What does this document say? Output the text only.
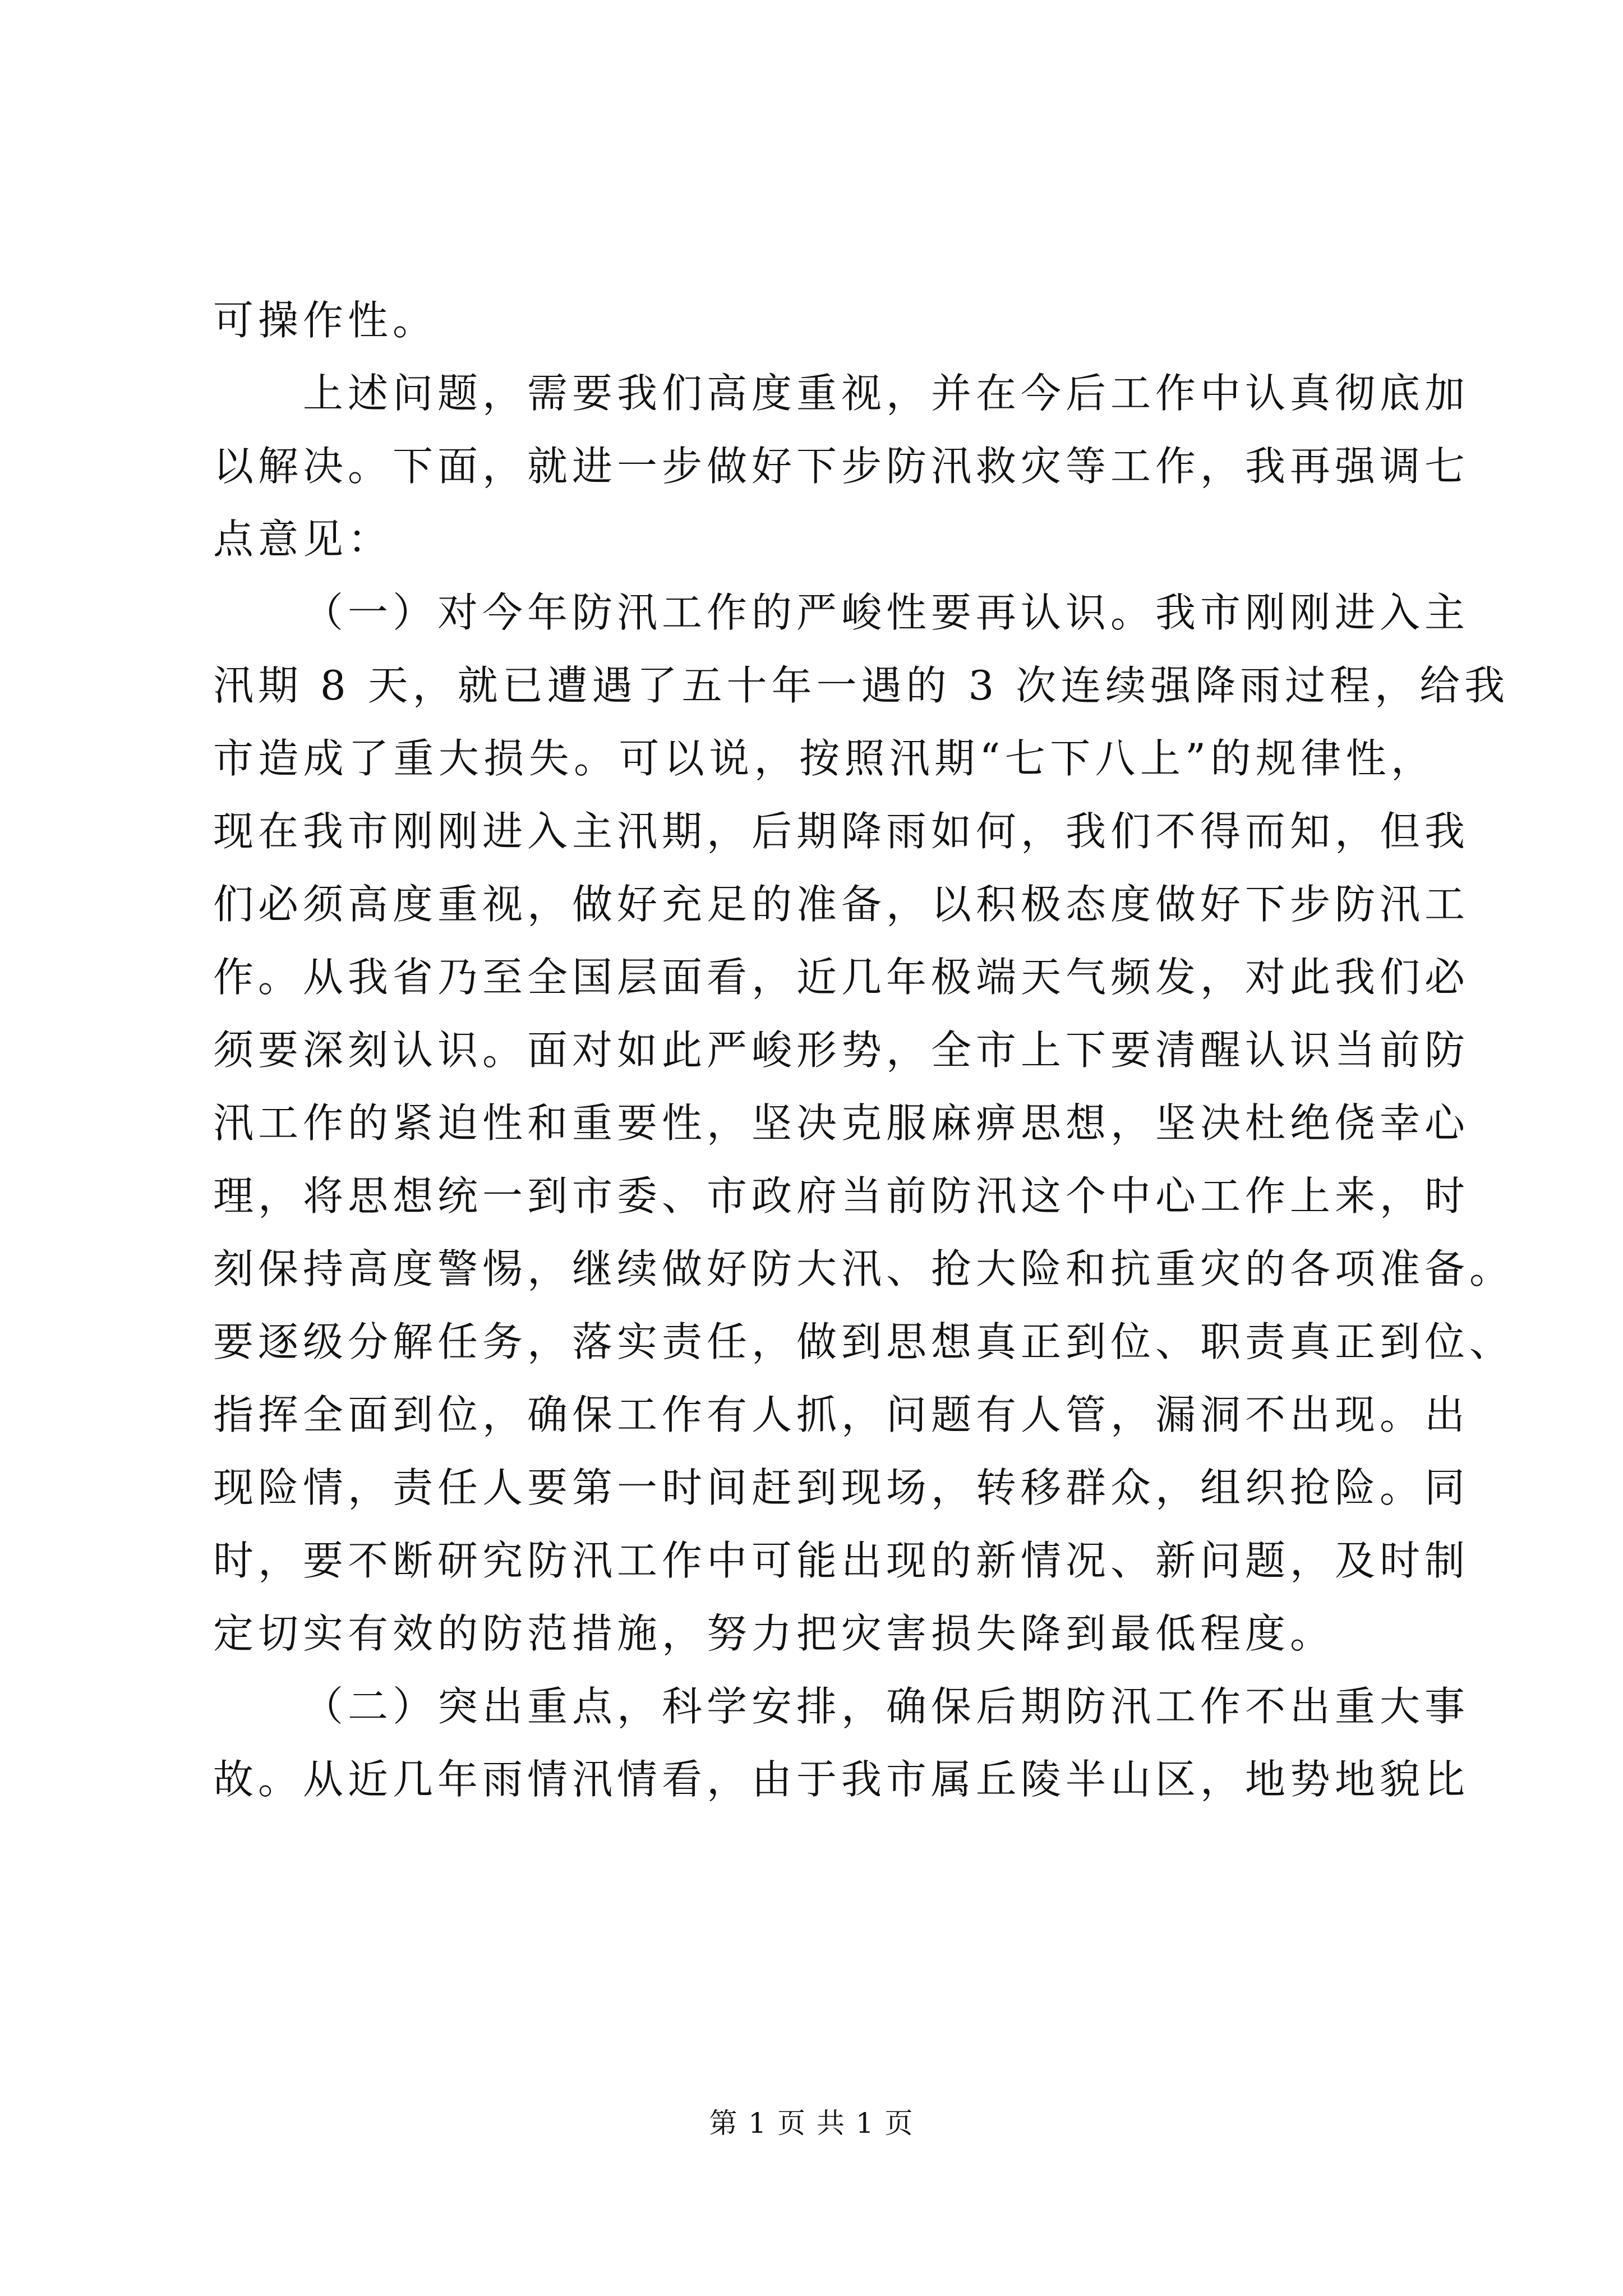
可操作性。
上述问题，需要我们高度重视，并在今后工作中认真彻底加
以解决。下面，就进一步做好下步防汛救灾等工作，我再强调七
点意见：
（一）对今年防汛工作的严峻性要再认识。我市刚刚进入主
汛期 8 天，就已遭遇了五十年一遇的 3 次连续强降雨过程，给我
市造成了重大损失。可以说，按照汛期“七下八上”的规律性，
现在我市刚刚进入主汛期，后期降雨如何，我们不得而知，但我
们必须高度重视，做好充足的准备，以积极态度做好下步防汛工
作。从我省乃至全国层面看，近几年极端天气频发，对此我们必
须要深刻认识。面对如此严峻形势，全市上下要清醒认识当前防
汛工作的紧迫性和重要性，坚决克服麻痹思想，坚决杜绝侥幸心
理，将思想统一到市委、市政府当前防汛这个中心工作上来，时
刻保持高度警惕，继续做好防大汛、抢大险和抗重灾的各项准备。
要逐级分解任务，落实责任，做到思想真正到位、职责真正到位、
指挥全面到位，确保工作有人抓，问题有人管，漏洞不出现。出
现险情，责任人要第一时间赶到现场，转移群众，组织抢险。同
时，要不断研究防汛工作中可能出现的新情况、新问题，及时制
定切实有效的防范措施，努力把灾害损失降到最低程度。
（二）突出重点，科学安排，确保后期防汛工作不出重大事
故。从近几年雨情汛情看，由于我市属丘陵半山区，地势地貌比
第 1 页 共 1 页
